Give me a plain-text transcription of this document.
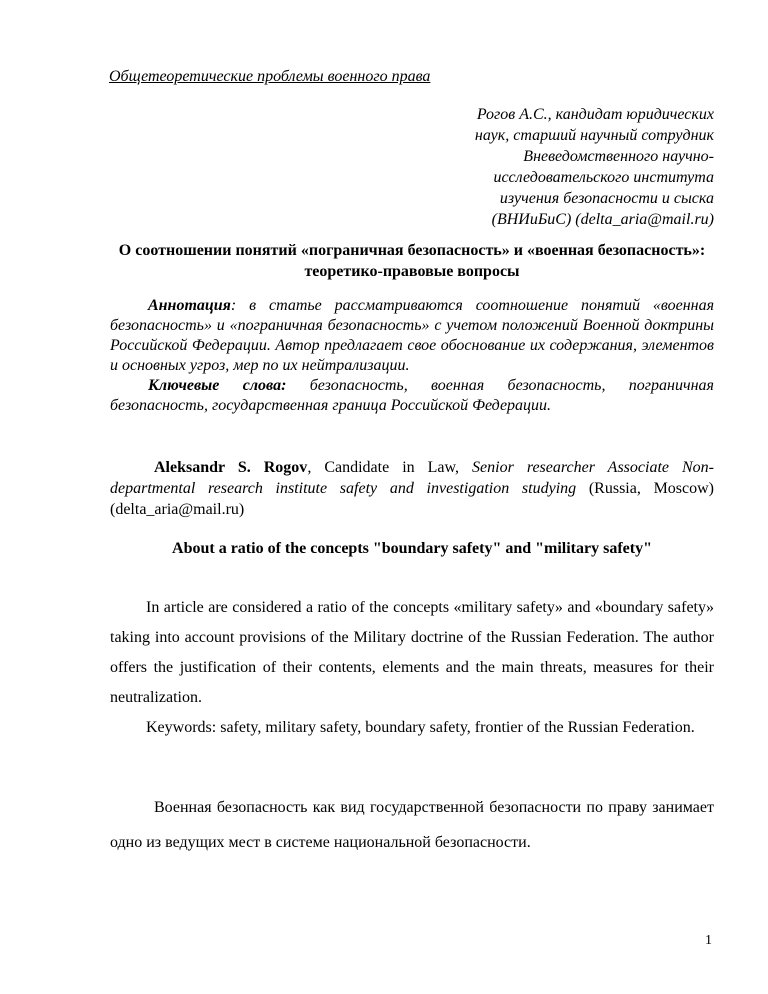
Общетеоретические проблемы военного права
Рогов А.С., кандидат юридических
наук, старший научный сотрудник
Вневедомственного научно-
исследовательского института
изучения безопасности и сыска
(ВНИиБиС) (delta_aria@mail.ru)
О соотношении понятий «пограничная безопасность» и «военная безопасность»: теоретико-правовые вопросы

Аннотация: в статье рассматриваются соотношение понятий «военная безопасность» и «пограничная безопасность» с учетом положений Военной доктрины Российской Федерации. Автор предлагает свое обоснование их содержания, элементов и основных угроз, мер по их нейтрализации.

Ключевые слова: безопасность, военная безопасность, пограничная безопасность, государственная граница Российской Федерации.

Aleksandr S. Rogov, Candidate in Law, Senior researcher Associate Non-departmental research institute safety and investigation studying (Russia, Moscow) (delta_aria@mail.ru)

About a ratio of the concepts "boundary safety" and "military safety"

In article are considered a ratio of the concepts «military safety» and «boundary safety» taking into account provisions of the Military doctrine of the Russian Federation. The author offers the justification of their contents, elements and the main threats, measures for their neutralization.

Keywords: safety, military safety, boundary safety, frontier of the Russian Federation.

Военная безопасность как вид государственной безопасности по праву занимает одно из ведущих мест в системе национальной безопасности.

1
